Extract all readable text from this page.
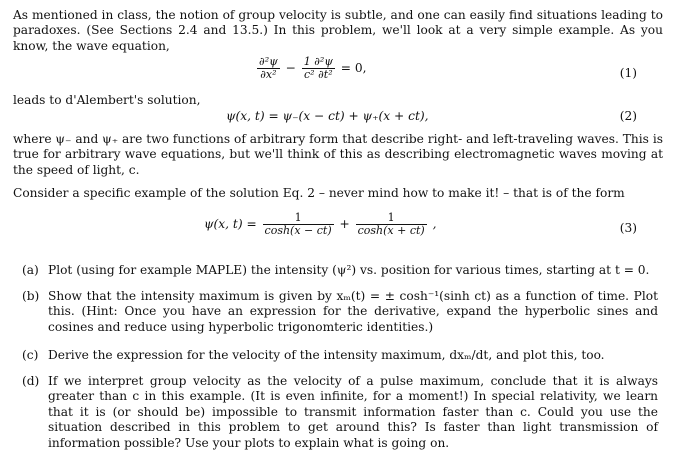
As mentioned in class, the notion of group velocity is subtle, and one can easily find situations leading to paradoxes. (See Sections 2.4 and 13.5.) In this problem, we'll look at a very simple example. As you know, the wave equation,
$\frac{\text{∂²ψ}}{\text{∂x²}} - \frac{\text{1 ∂²ψ}}{\text{c² ∂t²}} = 0$,	(1)
leads to d'Alembert's solution,
ψ(x, t) = ψ₋(x − ct) + ψ₊(x + ct),	(2)
where ψ₋ and ψ₊ are two functions of arbitrary form that describe right- and left-traveling waves. This is true for arbitrary wave equations, but we'll think of this as describing electromagnetic waves moving at the speed of light, c.
Consider a specific example of the solution Eq. 2 – never mind how to make it! – that is of the form
ψ(x, $t) = \frac{1}{\cosh(x - ct)} + \frac{1}{\cosh(x + ct)}$ ,	(3)
(a) Plot (using for example MAPLE) the intensity (ψ²) vs. position for various times, starting at t = 0.
(b) Show that the intensity maximum is given by xₘ(t) = ± cosh⁻¹(sinh ct) as a function of time. Plot this. (Hint: Once you have an expression for the derivative, expand the hyperbolic sines and cosines and reduce using hyperbolic trigonomteric identities.)
(c) Derive the expression for the velocity of the intensity maximum, dxₘ/dt, and plot this, too.
(d) If we interpret group velocity as the velocity of a pulse maximum, conclude that it is always greater than c in this example. (It is even infinite, for a moment!) In special relativity, we learn that it is (or should be) impossible to transmit information faster than c. Could you use the situation described in this problem to get around this? Is faster than light transmission of information possible? Use your plots to explain what is going on.
